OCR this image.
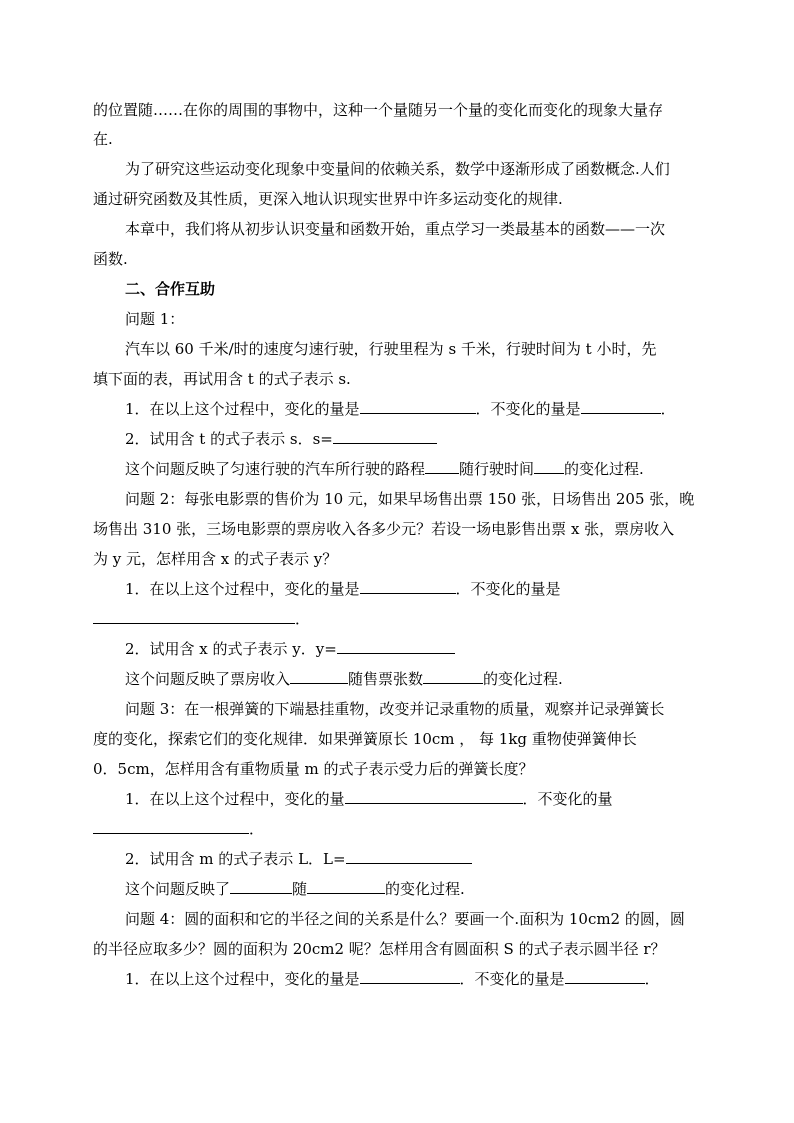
的位置随……在你的周围的事物中，这种一个量随另一个量的变化而变化的现象大量存
在.
为了研究这些运动变化现象中变量间的依赖关系，数学中逐渐形成了函数概念.人们
通过研究函数及其性质，更深入地认识现实世界中许多运动变化的规律.
本章中，我们将从初步认识变量和函数开始，重点学习一类最基本的函数——一次
函数.
二、合作互助
问题 1：
汽车以 60 千米/时的速度匀速行驶，行驶里程为 s 千米，行驶时间为 t 小时，先
填下面的表，再试用含 t 的式子表示 s.
1．在以上这个过程中，变化的量是	．不变化的量是	．
2．试用含 t 的式子表示 s．s=
这个问题反映了匀速行驶的汽车所行驶的路程 随行驶时间 的变化过程.
问题 2：每张电影票的售价为 10 元，如果早场售出票 150 张，日场售出 205 张，晚
场售出 310 张，三场电影票的票房收入各多少元？若设一场电影售出票 x 张，票房收入
为 y 元，怎样用含 x 的式子表示 y？
1．在以上这个过程中，变化的量是	．不变化的量是
．
2．试用含 x 的式子表示 y．y=
这个问题反映了票房收入	随售票张数	的变化过程.
问题 3：在一根弹簧的下端悬挂重物，改变并记录重物的质量，观察并记录弹簧长
度的变化，探索它们的变化规律．如果弹簧原长 10cm ， 每 1kg 重物使弹簧伸长
0．5cm，怎样用含有重物质量 m 的式子表示受力后的弹簧长度？
1．在以上这个过程中，变化的量	．不变化的量
．
2．试用含 m 的式子表示 L．L=
这个问题反映了	随	的变化过程.
问题 4：圆的面积和它的半径之间的关系是什么？要画一个.面积为 10cm2 的圆，圆
的半径应取多少？圆的面积为 20cm2 呢？怎样用含有圆面积 S 的式子表示圆半径 r？
1．在以上这个过程中，变化的量是	．不变化的量是	．
